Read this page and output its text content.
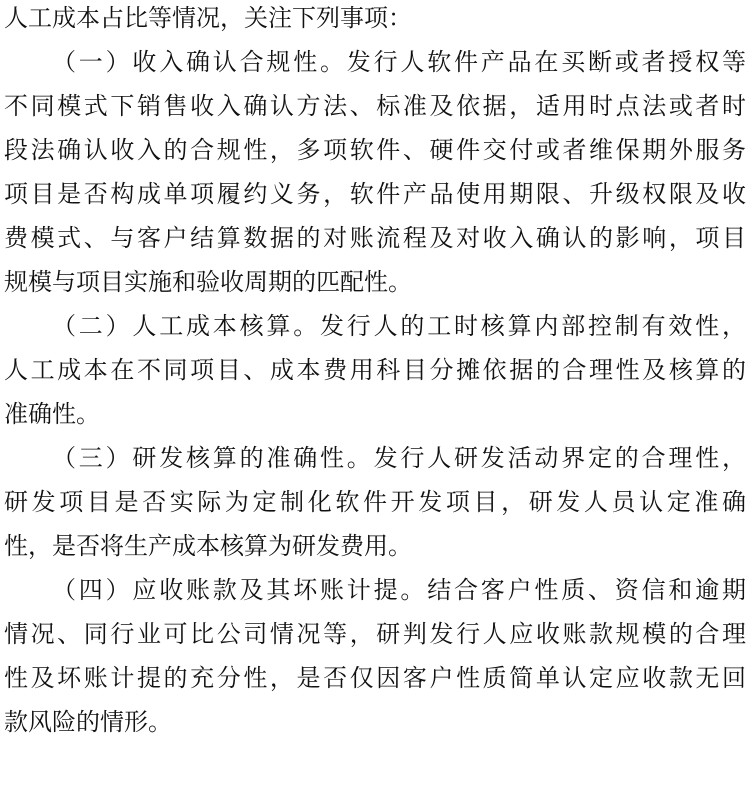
人工成本占比等情况，关注下列事项：
（一）收入确认合规性。发行人软件产品在买断或者授权等
不同模式下销售收入确认方法、标准及依据，适用时点法或者时
段法确认收入的合规性，多项软件、硬件交付或者维保期外服务
项目是否构成单项履约义务，软件产品使用期限、升级权限及收
费模式、与客户结算数据的对账流程及对收入确认的影响，项目
规模与项目实施和验收周期的匹配性。
（二）人工成本核算。发行人的工时核算内部控制有效性，
人工成本在不同项目、成本费用科目分摊依据的合理性及核算的
准确性。
（三）研发核算的准确性。发行人研发活动界定的合理性，
研发项目是否实际为定制化软件开发项目，研发人员认定准确
性，是否将生产成本核算为研发费用。
（四）应收账款及其坏账计提。结合客户性质、资信和逾期
情况、同行业可比公司情况等，研判发行人应收账款规模的合理
性及坏账计提的充分性，是否仅因客户性质简单认定应收款无回
款风险的情形。
